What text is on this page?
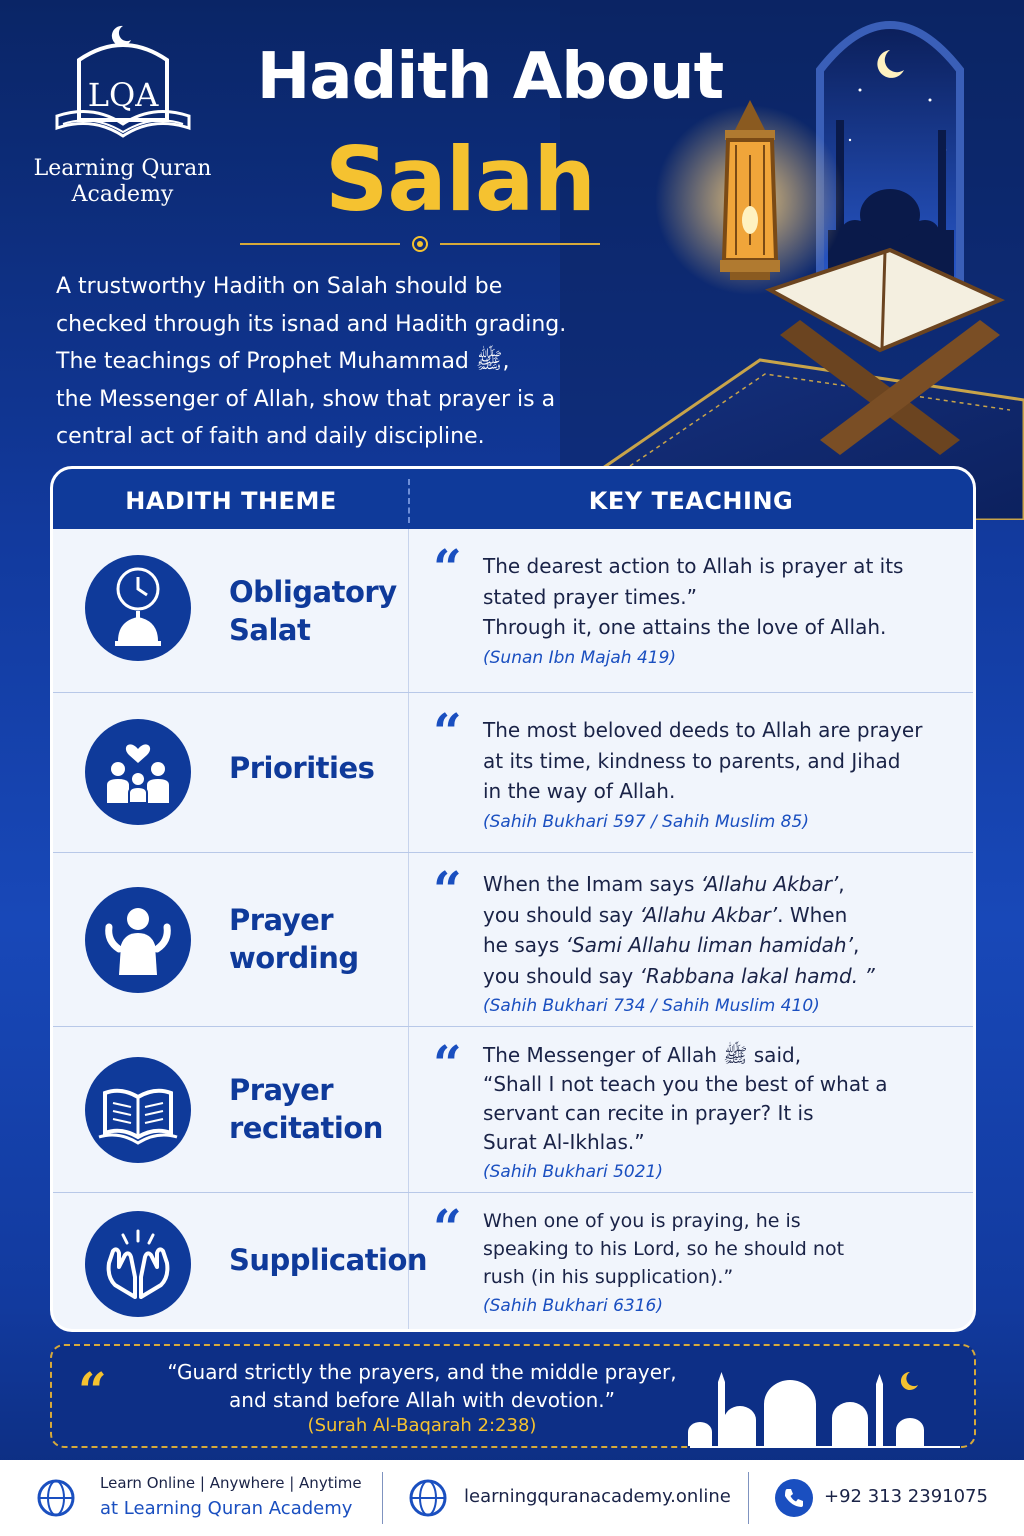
LQA
Learning Quran
Academy
Hadith About
Salah
A trustworthy Hadith on Salah should be
checked through its isnad and Hadith grading.
The teachings of Prophet Muhammad ﷺ,
the Messenger of Allah, show that prayer is a
central act of faith and daily discipline.
HADITH THEME	KEY TEACHING
Obligatory
Salat
“ The dearest action to Allah is prayer at its
stated prayer times.”
Through it, one attains the love of Allah.
(Sunan Ibn Majah 419)
Priorities
“ The most beloved deeds to Allah are prayer
at its time, kindness to parents, and Jihad
in the way of Allah.
(Sahih Bukhari 597 / Sahih Muslim 85)
Prayer
wording
“ When the Imam says ‘Allahu Akbar’,
you should say ‘Allahu Akbar’. When
he says ‘Sami Allahu liman hamidah’,
you should say ‘Rabbana lakal hamd. ”
(Sahih Bukhari 734 / Sahih Muslim 410)
Prayer
recitation
“ The Messenger of Allah ﷺ said,
“Shall I not teach you the best of what a
servant can recite in prayer? It is
Surat Al-Ikhlas.”
(Sahih Bukhari 5021)
Supplication
“ When one of you is praying, he is
speaking to his Lord, so he should not
rush (in his supplication).”
(Sahih Bukhari 6316)
“	“Guard strictly the prayers, and the middle prayer,
and stand before Allah with devotion.”
(Surah Al-Baqarah 2:238)
Learn Online | Anywhere | Anytime
at Learning Quran Academy
learningquranacademy.online	+92 313 2391075
